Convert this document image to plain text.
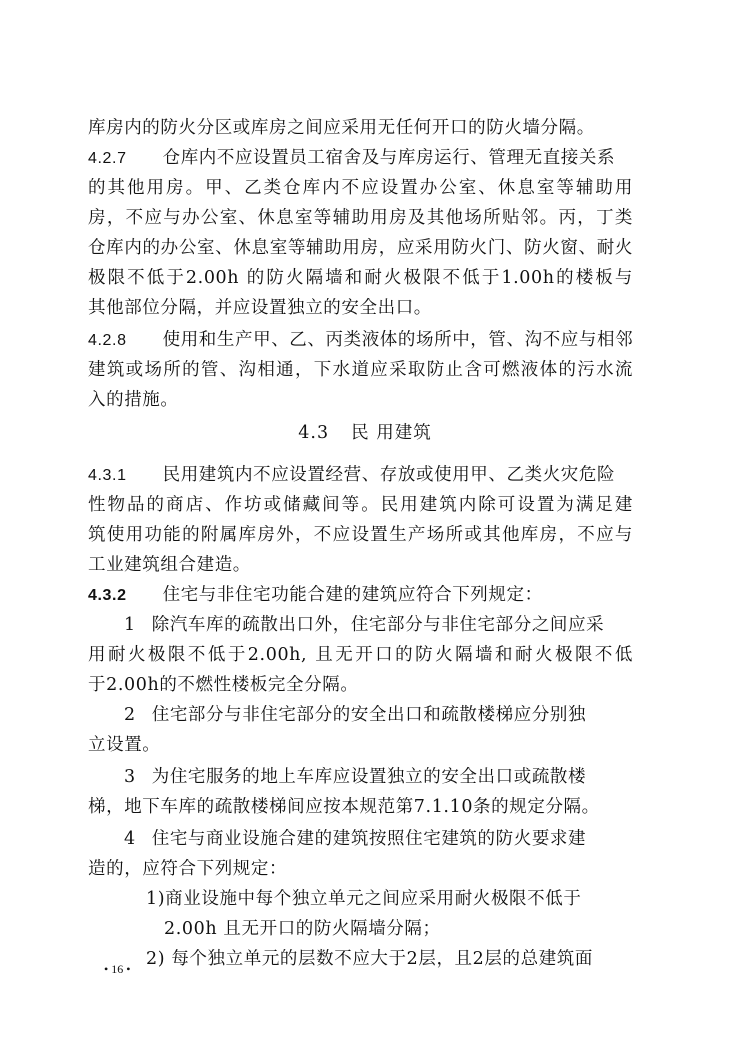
库房内的防火分区或库房之间应采用无任何开口的防火墙分隔。
4.2.7 仓库内不应设置员工宿舍及与库房运行、管理无直接关系
的其他用房。甲、乙类仓库内不应设置办公室、休息室等辅助用
房，不应与办公室、休息室等辅助用房及其他场所贴邻。丙，丁类
仓库内的办公室、休息室等辅助用房，应采用防火门、防火窗、耐火
极限不低于2.00h 的防火隔墙和耐火极限不低于1.00h的楼板与
其他部位分隔，并应设置独立的安全出口。
4.2.8 使用和生产甲、乙、丙类液体的场所中，管、沟不应与相邻
建筑或场所的管、沟相通，下水道应采取防止含可燃液体的污水流
入的措施。
4.3 民 用建筑
4.3.1 民用建筑内不应设置经营、存放或使用甲、乙类火灾危险
性物品的商店、作坊或储藏间等。民用建筑内除可设置为满足建
筑使用功能的附属库房外，不应设置生产场所或其他库房，不应与
工业建筑组合建造。
4.3.2 住宅与非住宅功能合建的建筑应符合下列规定：
1 除汽车库的疏散出口外，住宅部分与非住宅部分之间应采
用耐火极限不低于2.00h, 且无开口的防火隔墙和耐火极限不低
于2.00h的不燃性楼板完全分隔。
2 住宅部分与非住宅部分的安全出口和疏散楼梯应分别独
立设置。
3 为住宅服务的地上车库应设置独立的安全出口或疏散楼
梯，地下车库的疏散楼梯间应按本规范第7.1.10条的规定分隔。
4 住宅与商业设施合建的建筑按照住宅建筑的防火要求建
造的，应符合下列规定：
1)商业设施中每个独立单元之间应采用耐火极限不低于
2.00h 且无开口的防火隔墙分隔；
2) 每个独立单元的层数不应大于2层，且2层的总建筑面
• 16 •
